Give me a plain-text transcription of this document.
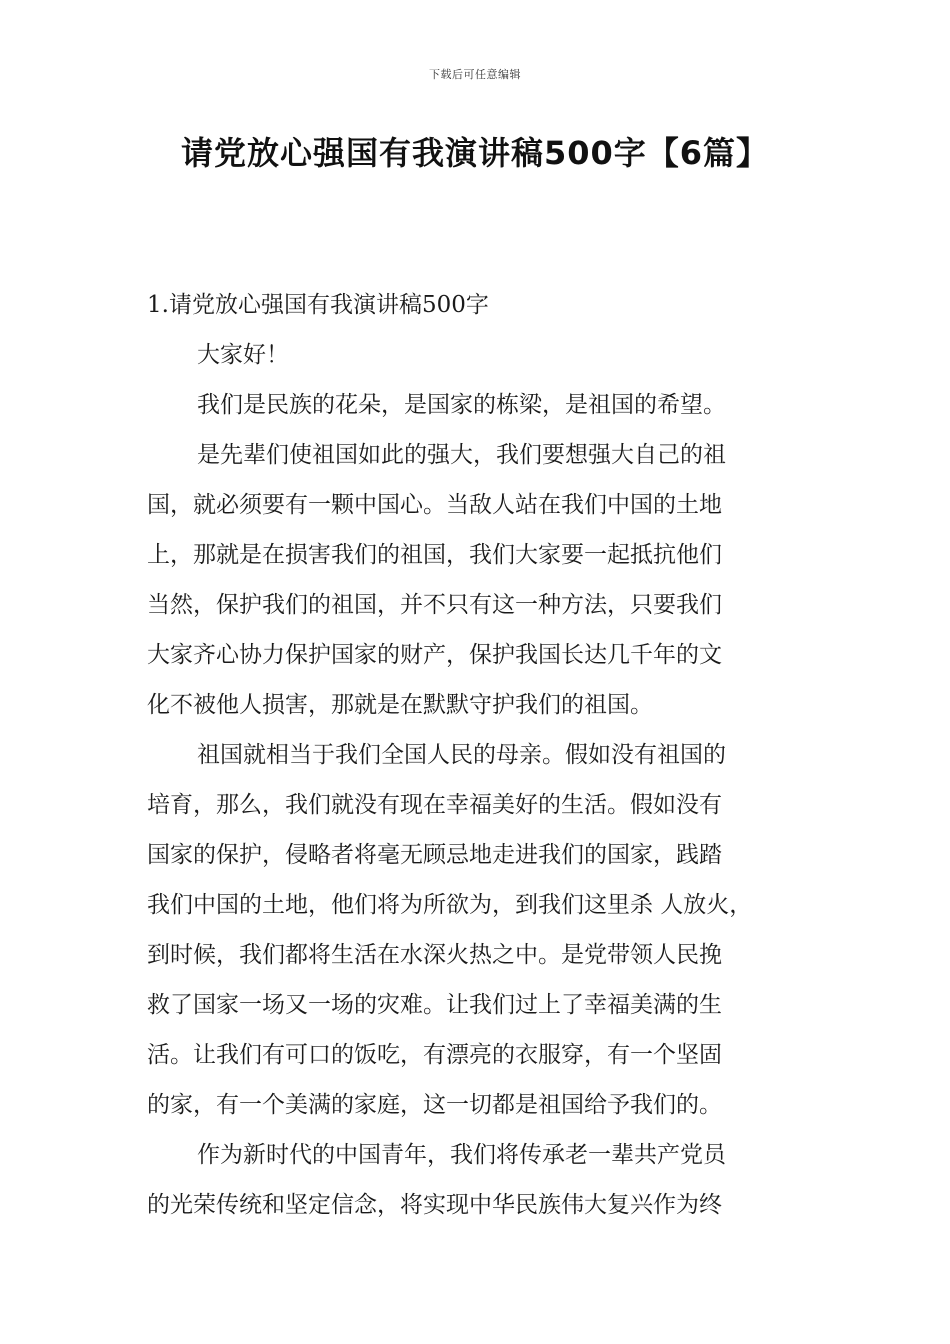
下载后可任意编辑
请党放心强国有我演讲稿500字【6篇】

1.请党放心强国有我演讲稿500字

大家好！

我们是民族的花朵，是国家的栋梁，是祖国的希望。

是先辈们使祖国如此的强大，我们要想强大自己的祖
国，就必须要有一颗中国心。当敌人站在我们中国的土地
上，那就是在损害我们的祖国，我们大家要一起抵抗他们
当然，保护我们的祖国，并不只有这一种方法，只要我们
大家齐心协力保护国家的财产，保护我国长达几千年的文
化不被他人损害，那就是在默默守护我们的祖国。

祖国就相当于我们全国人民的母亲。假如没有祖国的
培育，那么，我们就没有现在幸福美好的生活。假如没有
国家的保护，侵略者将毫无顾忌地走进我们的国家，践踏
我们中国的土地，他们将为所欲为，到我们这里杀 人放火，
到时候，我们都将生活在水深火热之中。是党带领人民挽
救了国家一场又一场的灾难。让我们过上了幸福美满的生
活。让我们有可口的饭吃，有漂亮的衣服穿，有一个坚固
的家，有一个美满的家庭，这一切都是祖国给予我们的。

作为新时代的中国青年，我们将传承老一辈共产党员
的光荣传统和坚定信念，将实现中华民族伟大复兴作为终
